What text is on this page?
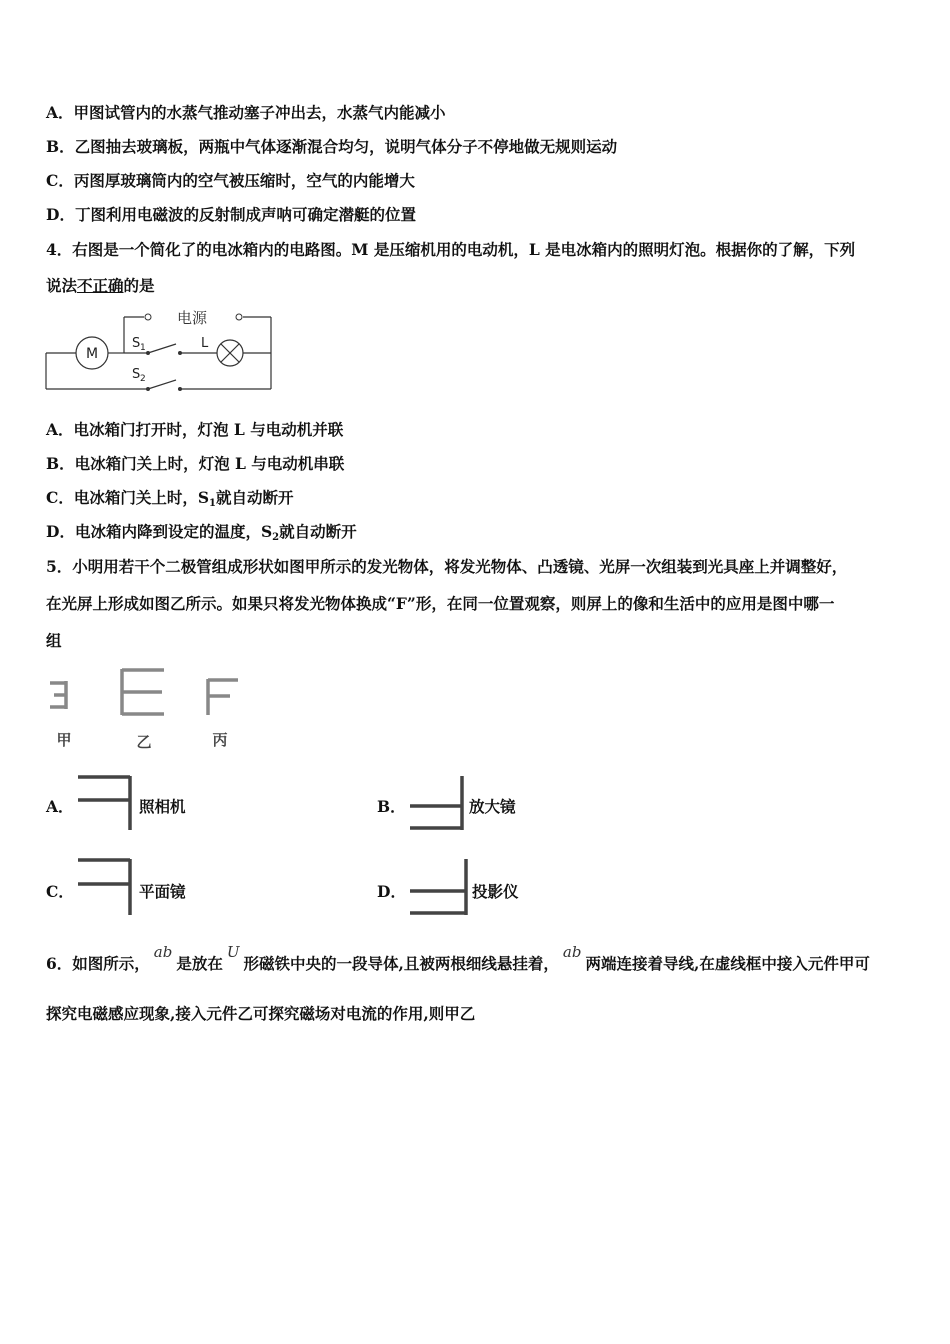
A．甲图试管内的水蒸气推动塞子冲出去，水蒸气内能减小
B．乙图抽去玻璃板，两瓶中气体逐渐混合均匀，说明气体分子不停地做无规则运动
C．丙图厚玻璃筒内的空气被压缩时，空气的内能增大
D．丁图利用电磁波的反射制成声呐可确定潜艇的位置
4．右图是一个简化了的电冰箱内的电路图。M 是压缩机用的电动机，L 是电冰箱内的照明灯泡。根据你的了解，下列
说法不正确的是
M
电源
S 1	L
S 2
A．电冰箱门打开时，灯泡 L 与电动机并联
B．电冰箱门关上时，灯泡 L 与电动机串联
C．电冰箱门关上时，$S_1$就自动断开
D．电冰箱内降到设定的温度，$S_2$就自动断开
5．小明用若干个二极管组成形状如图甲所示的发光物体，将发光物体、凸透镜、光屏一次组装到光具座上并调整好，
在光屏上形成如图乙所示。如果只将发光物体换成“F”形，在同一位置观察，则屏上的像和生活中的应用是图中哪一
组
甲	乙	丙
A．	照相机	B．	放大镜
C．	平面镜	D．	投影仪
6．如图所示，ab是放在U形磁铁中央的一段导体,且被两根细线悬挂着，ab两端连接着导线,在虚线框中接入元件甲可
探究电磁感应现象,接入元件乙可探究磁场对电流的作用,则甲乙
